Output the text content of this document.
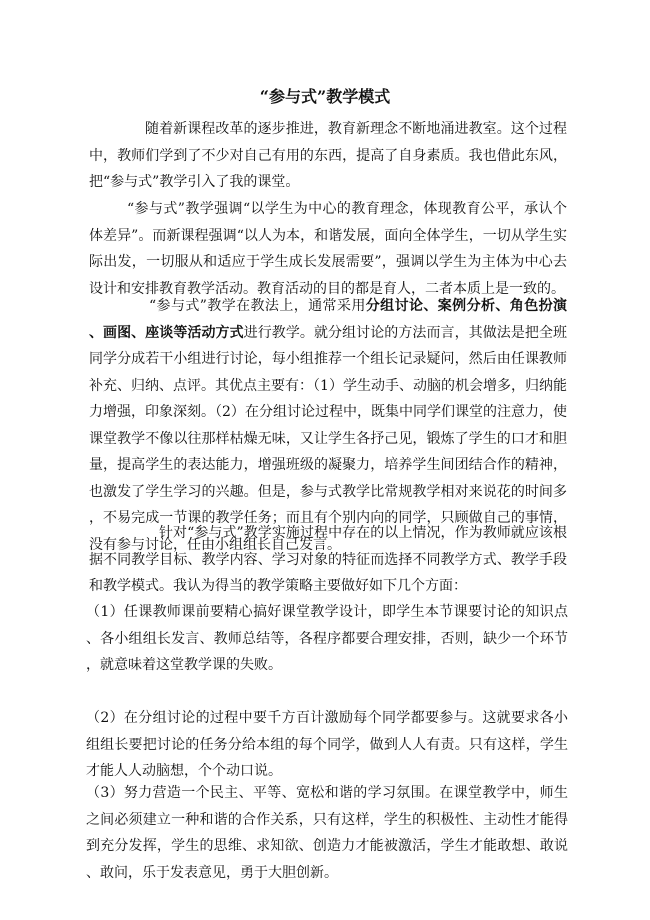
“参与式”教学模式
随着新课程改革的逐步推进，教育新理念不断地涌进教室。这个过程中，教师们学到了不少对自己有用的东西，提高了自身素质。我也借此东风，把“参与式”教学引入了我的课堂。
“参与式”教学强调“以学生为中心的教育理念，体现教育公平，承认个体差异”。而新课程强调“以人为本，和谐发展，面向全体学生，一切从学生实际出发，一切服从和适应于学生成长发展需要”，强调以学生为主体为中心去设计和安排教育教学活动。教育活动的目的都是育人，二者本质上是一致的。
“参与式”教学在教法上，通常采用分组讨论、案例分析、角色扮演、画图、座谈等活动方式进行教学。就分组讨论的方法而言，其做法是把全班同学分成若干小组进行讨论，每小组推荐一个组长记录疑问，然后由任课教师补充、归纳、点评。其优点主要有：（1）学生动手、动脑的机会增多，归纳能力增强，印象深刻。（2）在分组讨论过程中，既集中同学们课堂的注意力，使课堂教学不像以往那样枯燥无味，又让学生各抒己见，锻炼了学生的口才和胆量，提高学生的表达能力，增强班级的凝聚力，培养学生间团结合作的精神，也激发了学生学习的兴趣。但是，参与式教学比常规教学相对来说花的时间多，不易完成一节课的教学任务；而且有个别内向的同学，只顾做自己的事情，没有参与讨论，任由小组组长自己发言。
针对“参与式”教学实施过程中存在的以上情况，作为教师就应该根据不同教学目标、教学内容、学习对象的特征而选择不同教学方式、教学手段和教学模式。我认为得当的教学策略主要做好如下几个方面：
（1）任课教师课前要精心搞好课堂教学设计，即学生本节课要讨论的知识点、各小组组长发言、教师总结等，各程序都要合理安排，否则，缺少一个环节，就意味着这堂教学课的失败。
（2）在分组讨论的过程中要千方百计激励每个同学都要参与。这就要求各小组组长要把讨论的任务分给本组的每个同学，做到人人有责。只有这样，学生才能人人动脑想，个个动口说。
（3）努力营造一个民主、平等、宽松和谐的学习氛围。在课堂教学中，师生之间必须建立一种和谐的合作关系，只有这样，学生的积极性、主动性才能得到充分发挥，学生的思维、求知欲、创造力才能被激活，学生才能敢想、敢说、敢问，乐于发表意见，勇于大胆创新。
